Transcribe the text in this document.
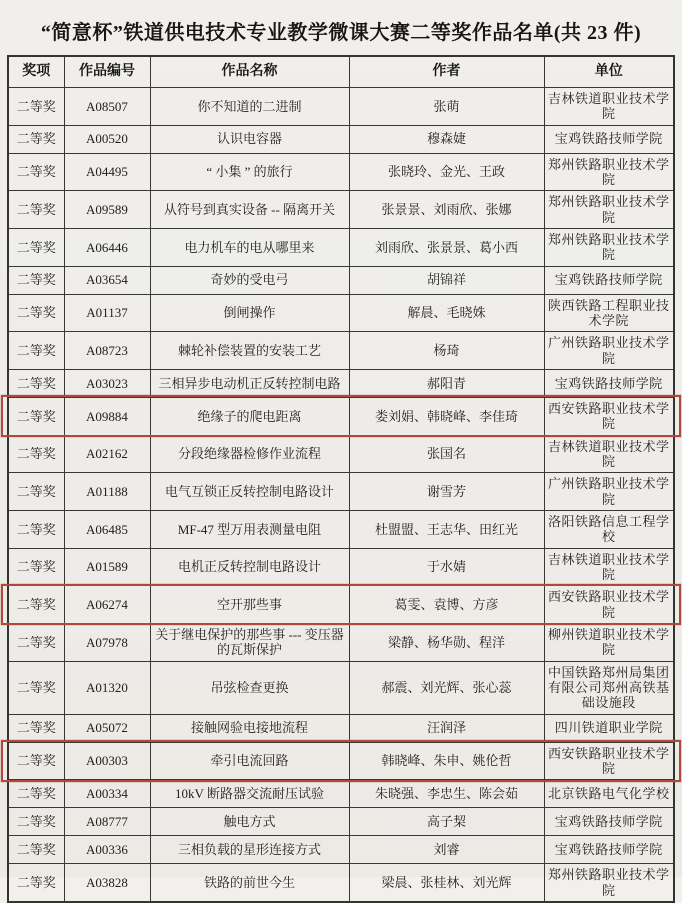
“简意杯”铁道供电技术专业教学微课大赛二等奖作品名单(共 23 件)
奖项	作品编号	作品名称	作者	单位
二等奖	A08507	你不知道的二进制	张萌	吉林铁道职业技术学院
二等奖	A00520	认识电容器	穆森婕	宝鸡铁路技师学院
二等奖	A04495	“ 小集 ” 的旅行	张晓玲、金光、王政	郑州铁路职业技术学院
二等奖	A09589	从符号到真实设备 -- 隔离开关	张景景、刘雨欣、张娜	郑州铁路职业技术学院
二等奖	A06446	电力机车的电从哪里来	刘雨欣、张景景、葛小西	郑州铁路职业技术学院
二等奖	A03654	奇妙的受电弓	胡锦祥	宝鸡铁路技师学院
二等奖	A01137	倒闸操作	解晨、毛晓姝	陕西铁路工程职业技术学院
二等奖	A08723	棘轮补偿装置的安装工艺	杨琦	广州铁路职业技术学院
二等奖	A03023	三相异步电动机正反转控制电路	郝阳青	宝鸡铁路技师学院
二等奖	A09884	绝缘子的爬电距离	娄刘娟、韩晓峰、李佳琦	西安铁路职业技术学院
二等奖	A02162	分段绝缘器检修作业流程	张国名	吉林铁道职业技术学院
二等奖	A01188	电气互锁正反转控制电路设计	谢雪芳	广州铁路职业技术学院
二等奖	A06485	MF-47 型万用表测量电阻	杜盟盟、王志华、田红光	洛阳铁路信息工程学校
二等奖	A01589	电机正反转控制电路设计	于水婧	吉林铁道职业技术学院
二等奖	A06274	空开那些事	葛雯、袁博、方彦	西安铁路职业技术学院
二等奖	A07978	关于继电保护的那些事 --- 变压器的瓦斯保护	梁静、杨华勋、程洋	柳州铁道职业技术学院
二等奖	A01320	吊弦检查更换	郝震、刘光辉、张心蕊	中国铁路郑州局集团有限公司郑州高铁基础设施段
二等奖	A05072	接触网验电接地流程	汪润泽	四川铁道职业学院
二等奖	A00303	牵引电流回路	韩晓峰、朱申、姚伦哲	西安铁路职业技术学院
二等奖	A00334	10kV 断路器交流耐压试验	朱晓强、李忠生、陈会茹	北京铁路电气化学校
二等奖	A08777	触电方式	高子栔	宝鸡铁路技师学院
二等奖	A00336	三相负载的星形连接方式	刘睿	宝鸡铁路技师学院
二等奖	A03828	铁路的前世今生	梁晨、张桂林、刘光辉	郑州铁路职业技术学院
